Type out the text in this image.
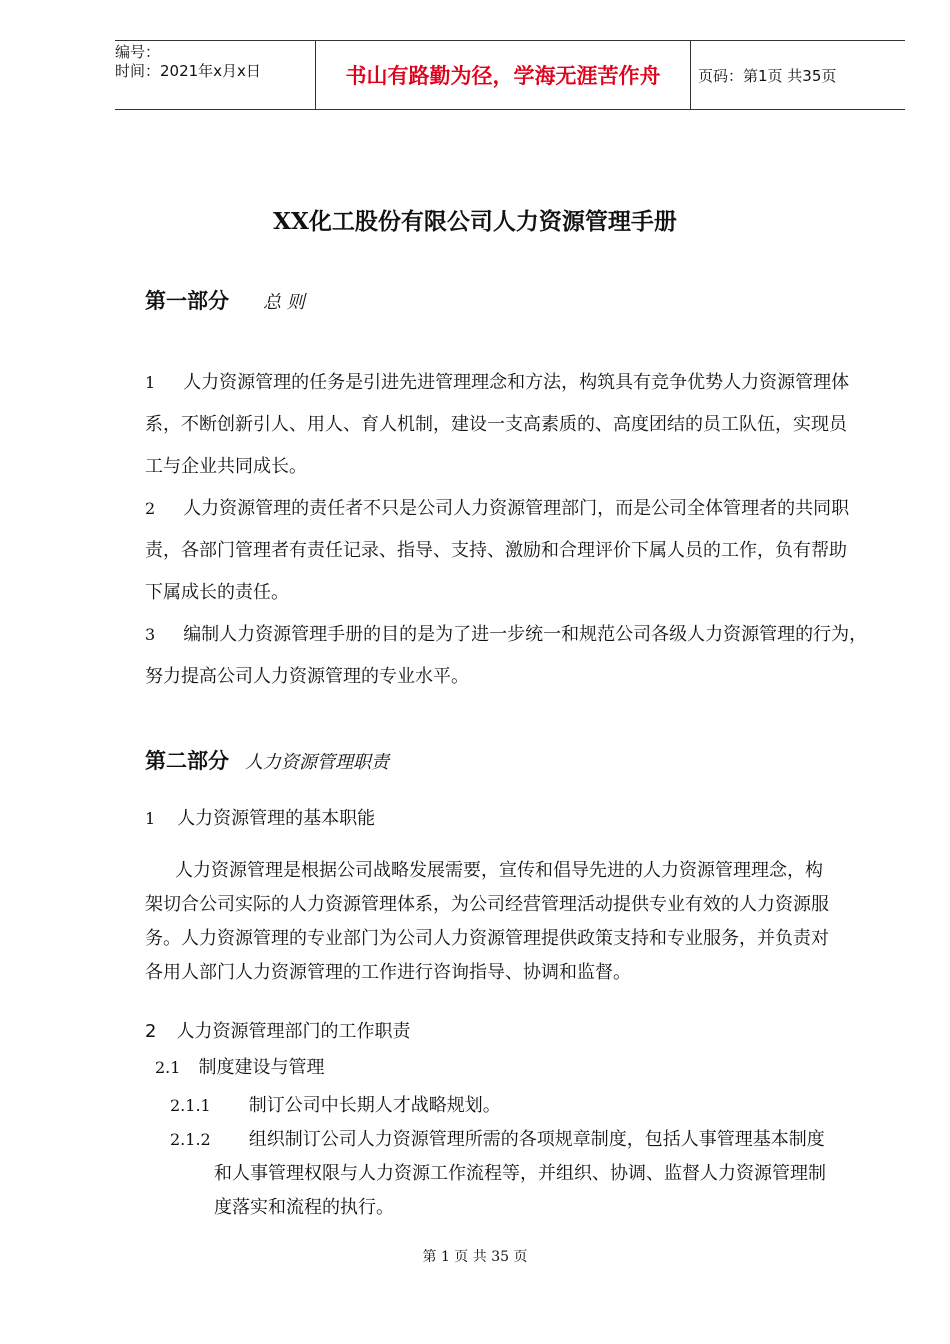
编号：
时间：2021年x月x日	书山有路勤为径，学海无涯苦作舟	页码：第1页 共35页
XX化工股份有限公司人力资源管理手册
第一部分 总 则
1 人力资源管理的任务是引进先进管理理念和方法，构筑具有竞争优势人力资源管理体
系，不断创新引人、用人、育人机制，建设一支高素质的、高度团结的员工队伍，实现员
工与企业共同成长。
2 人力资源管理的责任者不只是公司人力资源管理部门，而是公司全体管理者的共同职
责，各部门管理者有责任记录、指导、支持、激励和合理评价下属人员的工作，负有帮助
下属成长的责任。
3 编制人力资源管理手册的目的是为了进一步统一和规范公司各级人力资源管理的行为，
努力提高公司人力资源管理的专业水平。
第二部分 人力资源管理职责
1 人力资源管理的基本职能
人力资源管理是根据公司战略发展需要，宣传和倡导先进的人力资源管理理念，构
架切合公司实际的人力资源管理体系，为公司经营管理活动提供专业有效的人力资源服
务。人力资源管理的专业部门为公司人力资源管理提供政策支持和专业服务，并负责对
各用人部门人力资源管理的工作进行咨询指导、协调和监督。
2 人力资源管理部门的工作职责
2.1 制度建设与管理
2.1.1 制订公司中长期人才战略规划。
2.1.2 组织制订公司人力资源管理所需的各项规章制度，包括人事管理基本制度
和人事管理权限与人力资源工作流程等，并组织、协调、监督人力资源管理制
度落实和流程的执行。
第 1 页 共 35 页
